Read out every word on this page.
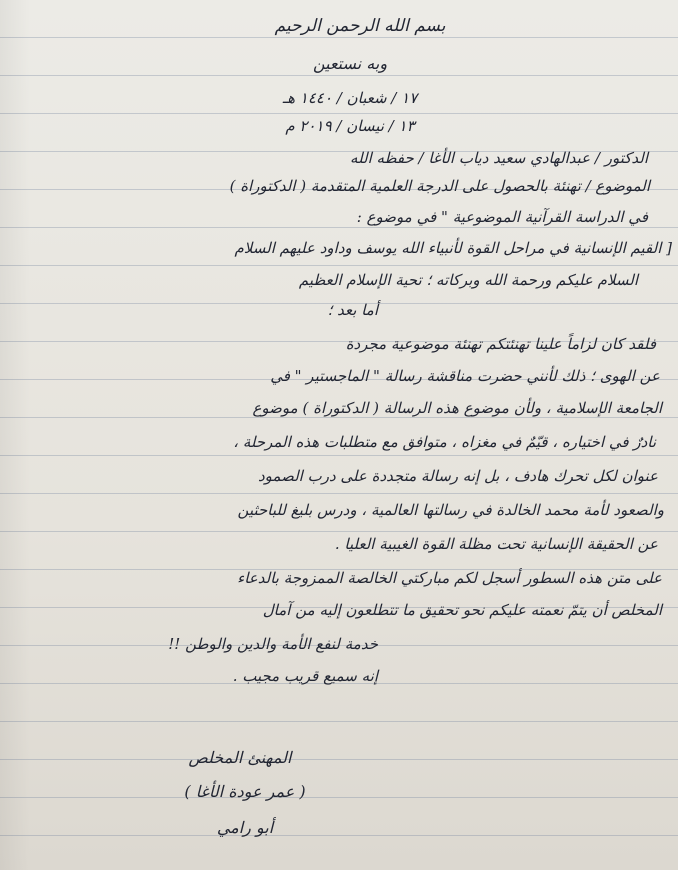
بسم الله الرحمن الرحيم
وبه نستعين
١٧ / شعبان / ١٤٤٠ هـ
١٣ / نيسان / ٢٠١٩ م
الدكتور / عبدالهادي سعيد دياب الأغا / حفظه الله
الموضوع / تهنئة بالحصول على الدرجة العلمية المتقدمة ( الدكتوراة )
في الدراسة القرآنية الموضوعية " في موضوع :
[ القيم الإنسانية في مراحل القوة لأنبياء الله يوسف وداود عليهم السلام
السلام عليكم ورحمة الله وبركاته ؛ تحية الإسلام العظيم
أما بعد ؛
فلقد كان لزاماً علينا تهنئتكم تهنئة موضوعية مجردة
عن الهوى ؛ ذلك لأنني حضرت مناقشة رسالة " الماجستير " في
الجامعة الإسلامية ، ولأن موضوع هذه الرسالة ( الدكتوراة ) موضوع
نادرٌ في اختياره ، قيّمٌ في مغزاه ، متوافق مع متطلبات هذه المرحلة ،
عنوان لكل تحرك هادف ، بل إنه رسالة متجددة على درب الصمود
والصعود لأمة محمد الخالدة في رسالتها العالمية ، ودرس بليغ للباحثين
عن الحقيقة الإنسانية تحت مظلة القوة الغيبية العليا .
على متن هذه السطور أسجل لكم مباركتي الخالصة الممزوجة بالدعاء
المخلص أن يتمّ نعمته عليكم نحو تحقيق ما تتطلعون إليه من آمال
خدمة لنفع الأمة والدين والوطن !!
إنه سميع قريب مجيب .
المهنئ المخلص
( عمر عودة الأغا )
أبو رامي
